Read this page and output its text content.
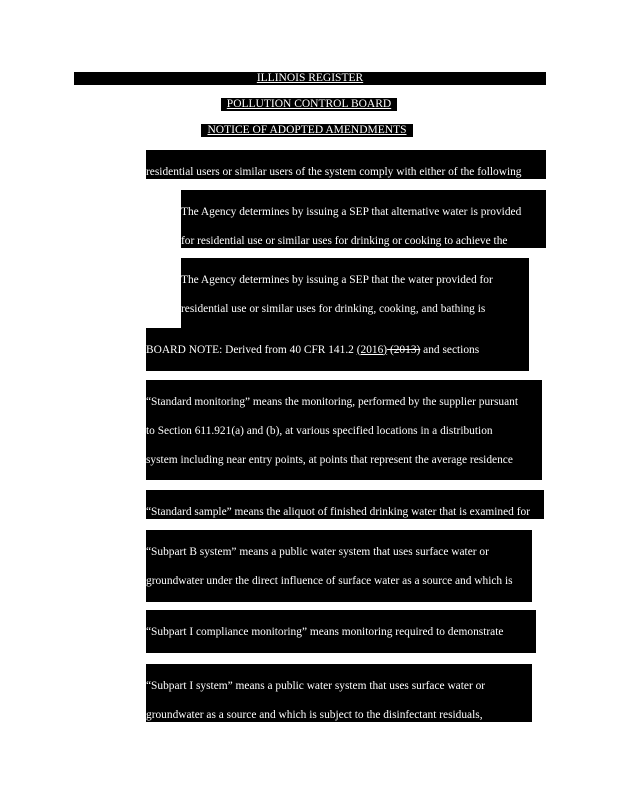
ILLINOIS REGISTER
POLLUTION CONTROL BOARD
NOTICE OF ADOPTED AMENDMENTS

residential users or similar users of the system comply with either of the following

The Agency determines by issuing a SEP that alternative water is provided

for residential use or similar uses for drinking or cooking to achieve the

The Agency determines by issuing a SEP that the water provided for

residential use or similar uses for drinking, cooking, and bathing is

BOARD NOTE: Derived from 40 CFR 141.2 (2016) (2013) and sections

“Standard monitoring” means the monitoring, performed by the supplier pursuant

to Section 611.921(a) and (b), at various specified locations in a distribution

system including near entry points, at points that represent the average residence

“Standard sample” means the aliquot of finished drinking water that is examined for

“Subpart B system” means a public water system that uses surface water or

groundwater under the direct influence of surface water as a source and which is

“Subpart I compliance monitoring” means monitoring required to demonstrate

“Subpart I system” means a public water system that uses surface water or

groundwater as a source and which is subject to the disinfectant residuals,
